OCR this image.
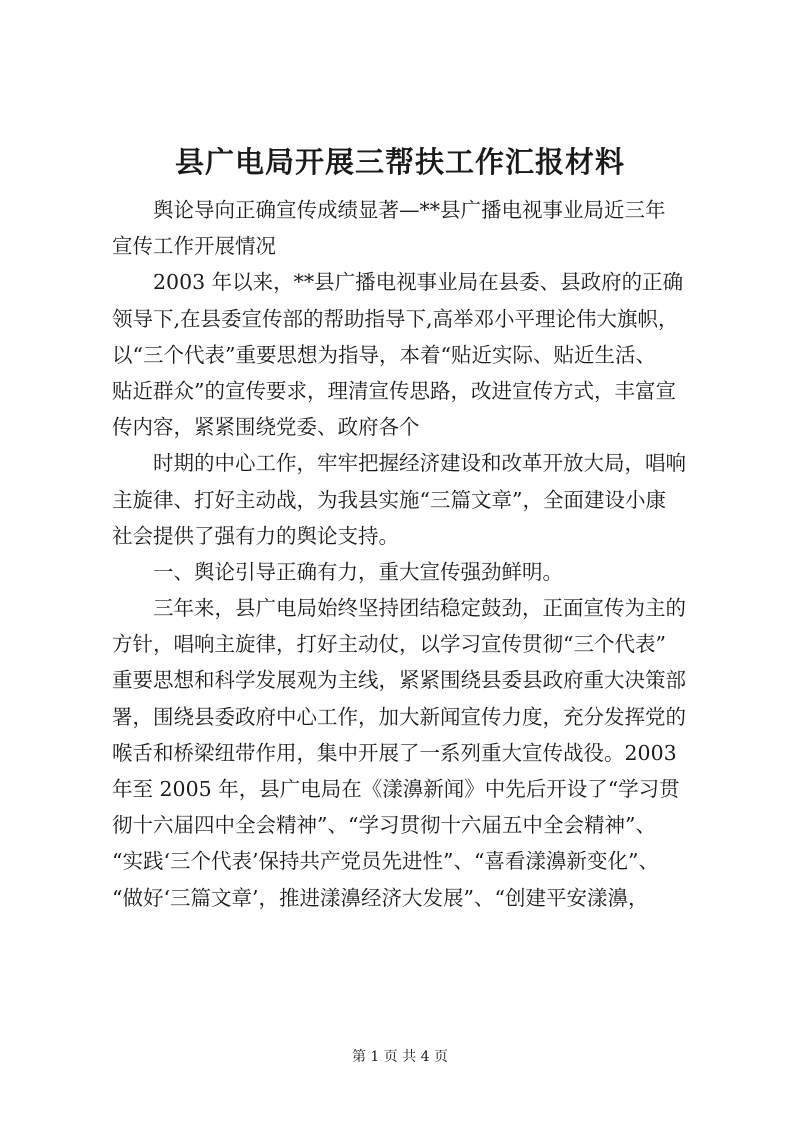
县广电局开展三帮扶工作汇报材料
舆论导向正确宣传成绩显著—**县广播电视事业局近三年
宣传工作开展情况
2003 年以来，**县广播电视事业局在县委、县政府的正确
领导下,在县委宣传部的帮助指导下,高举邓小平理论伟大旗帜，
以“三个代表”重要思想为指导，本着“贴近实际、贴近生活、
贴近群众”的宣传要求，理清宣传思路，改进宣传方式，丰富宣
传内容，紧紧围绕党委、政府各个
时期的中心工作，牢牢把握经济建设和改革开放大局，唱响
主旋律、打好主动战，为我县实施“三篇文章”，全面建设小康
社会提供了强有力的舆论支持。
一、舆论引导正确有力，重大宣传强劲鲜明。
三年来，县广电局始终坚持团结稳定鼓劲，正面宣传为主的
方针，唱响主旋律，打好主动仗，以学习宣传贯彻“三个代表”
重要思想和科学发展观为主线，紧紧围绕县委县政府重大决策部
署，围绕县委政府中心工作，加大新闻宣传力度，充分发挥党的
喉舌和桥梁纽带作用，集中开展了一系列重大宣传战役。2003
年至 2005 年，县广电局在《漾濞新闻》中先后开设了“学习贯
彻十六届四中全会精神”、“学习贯彻十六届五中全会精神”、
“实践‘三个代表’保持共产党员先进性”、“喜看漾濞新变化”、
“做好‘三篇文章’，推进漾濞经济大发展”、“创建平安漾濞，
第 1 页 共 4 页
